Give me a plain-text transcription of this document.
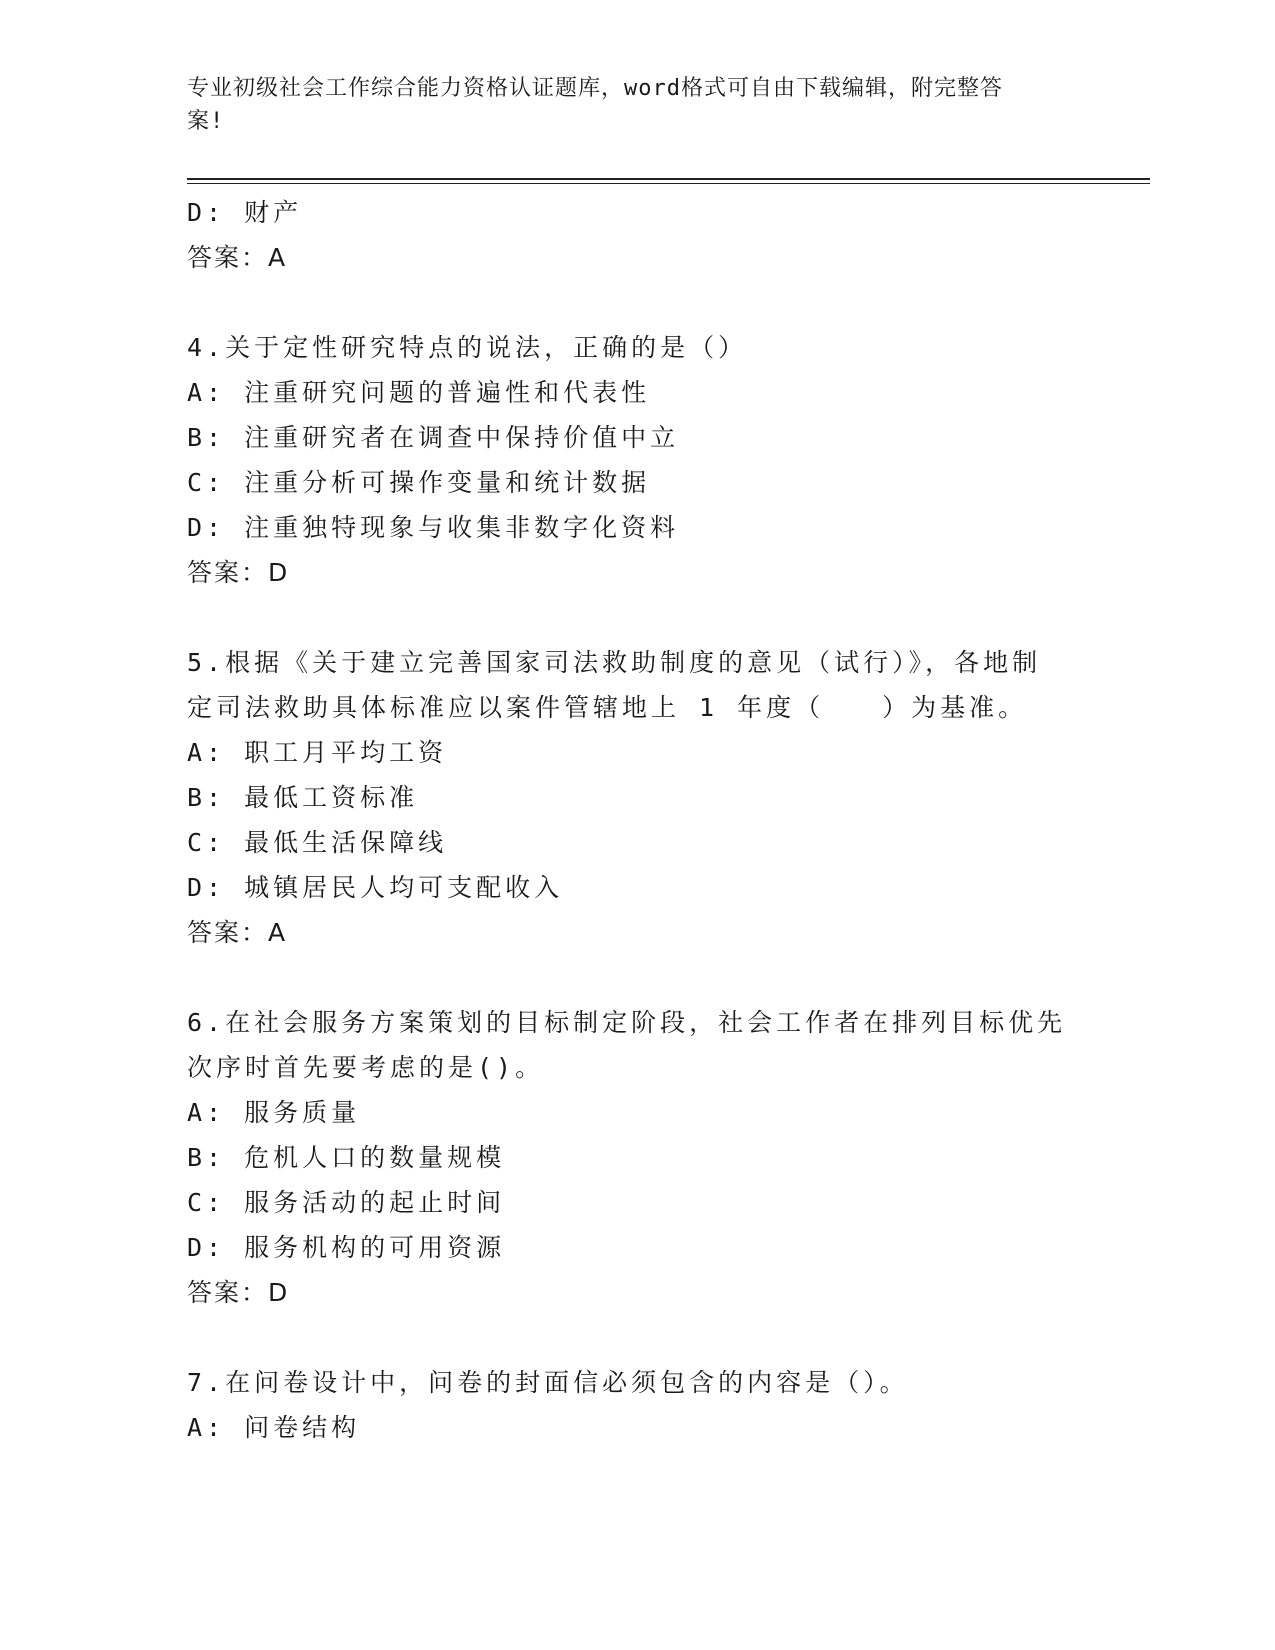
专业初级社会工作综合能力资格认证题库，word格式可自由下载编辑，附完整答
案!
D: 财产
答案：A
4.关于定性研究特点的说法，正确的是（）
A: 注重研究问题的普遍性和代表性
B: 注重研究者在调查中保持价值中立
C: 注重分析可操作变量和统计数据
D: 注重独特现象与收集非数字化资料
答案：D
5.根据《关于建立完善国家司法救助制度的意见（试行）》，各地制
定司法救助具体标准应以案件管辖地上 1 年度（　　）为基准。
A: 职工月平均工资
B: 最低工资标准
C: 最低生活保障线
D: 城镇居民人均可支配收入
答案：A
6.在社会服务方案策划的目标制定阶段，社会工作者在排列目标优先
次序时首先要考虑的是()。
A: 服务质量
B: 危机人口的数量规模
C: 服务活动的起止时间
D: 服务机构的可用资源
答案：D
7.在问卷设计中，问卷的封面信必须包含的内容是（）。
A: 问卷结构
